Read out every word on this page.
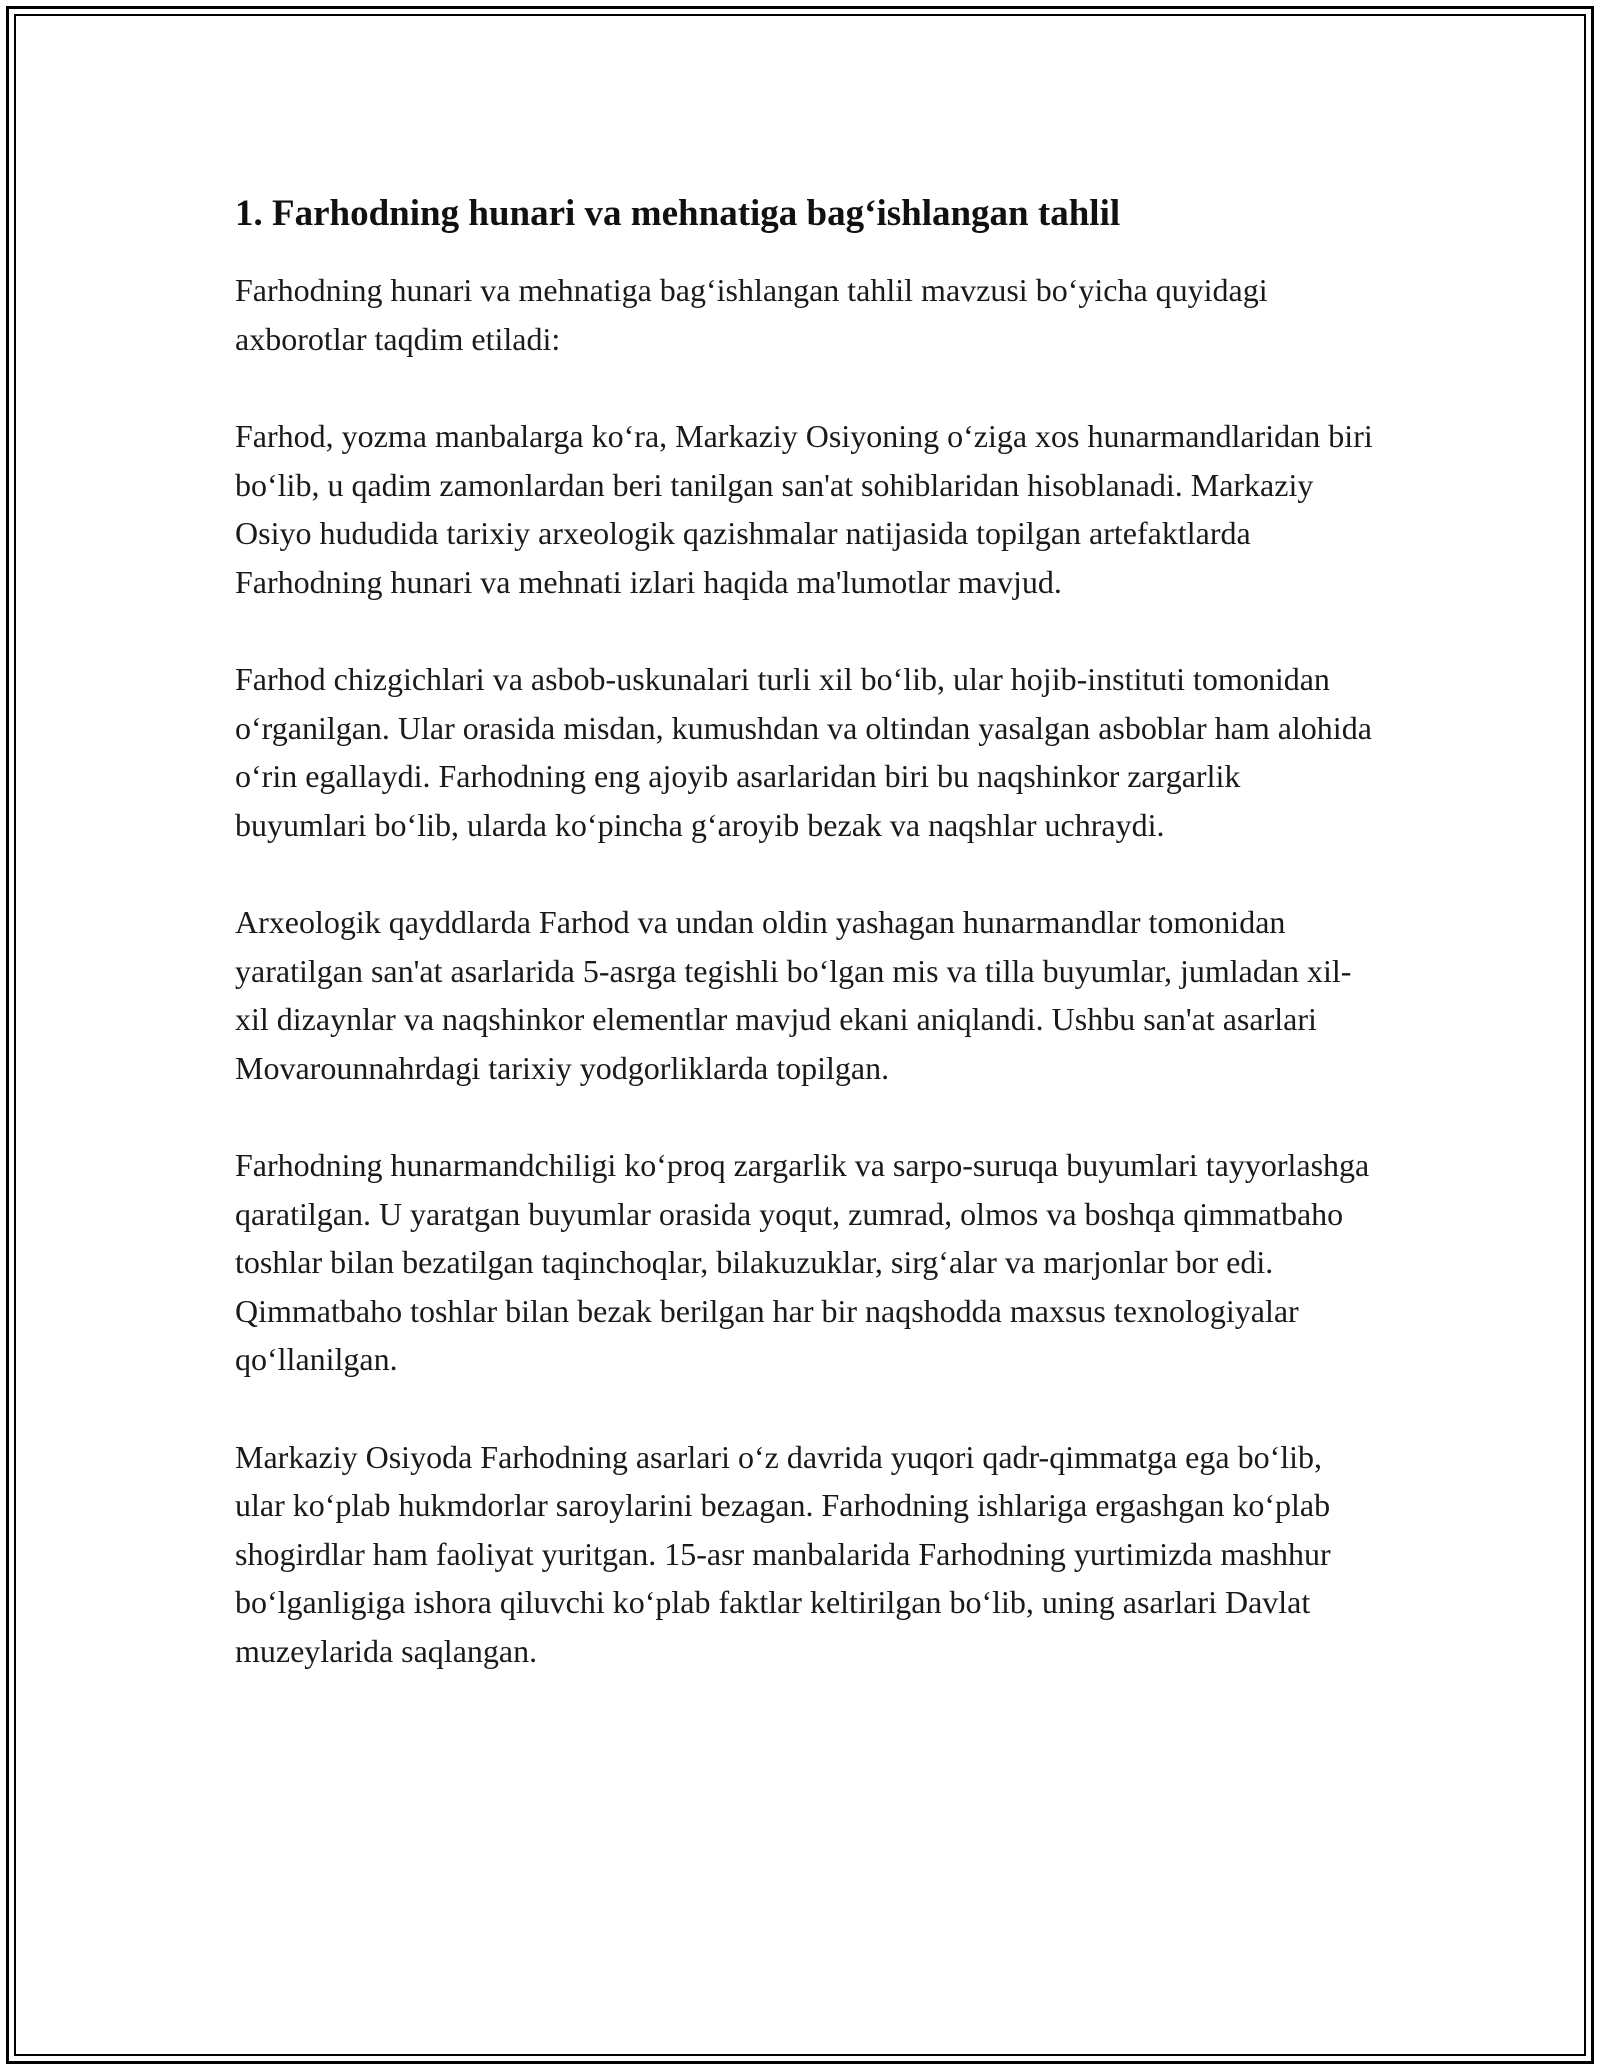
1. Farhodning hunari va mehnatiga bag‘ishlangan tahlil

Farhodning hunari va mehnatiga bag‘ishlangan tahlil mavzusi bo‘yicha quyidagi axborotlar taqdim etiladi:

Farhod, yozma manbalarga ko‘ra, Markaziy Osiyoning o‘ziga xos hunarmandlaridan biri bo‘lib, u qadim zamonlardan beri tanilgan san'at sohiblaridan hisoblanadi. Markaziy Osiyo hududida tarixiy arxeologik qazishmalar natijasida topilgan artefaktlarda Farhodning hunari va mehnati izlari haqida ma'lumotlar mavjud.

Farhod chizgichlari va asbob-uskunalari turli xil bo‘lib, ular hojib-instituti tomonidan o‘rganilgan. Ular orasida misdan, kumushdan va oltindan yasalgan asboblar ham alohida o‘rin egallaydi. Farhodning eng ajoyib asarlaridan biri bu naqshinkor zargarlik buyumlari bo‘lib, ularda ko‘pincha g‘aroyib bezak va naqshlar uchraydi.

Arxeologik qayddlarda Farhod va undan oldin yashagan hunarmandlar tomonidan yaratilgan san'at asarlarida 5-asrga tegishli bo‘lgan mis va tilla buyumlar, jumladan xil-xil dizaynlar va naqshinkor elementlar mavjud ekani aniqlandi. Ushbu san'at asarlari Movarounnahrdagi tarixiy yodgorliklarda topilgan.

Farhodning hunarmandchiligi ko‘proq zargarlik va sarpo-suruqa buyumlari tayyorlashga qaratilgan. U yaratgan buyumlar orasida yoqut, zumrad, olmos va boshqa qimmatbaho toshlar bilan bezatilgan taqinchoqlar, bilakuzuklar, sirg‘alar va marjonlar bor edi. Qimmatbaho toshlar bilan bezak berilgan har bir naqshodda maxsus texnologiyalar qo‘llanilgan.

Markaziy Osiyoda Farhodning asarlari o‘z davrida yuqori qadr-qimmatga ega bo‘lib, ular ko‘plab hukmdorlar saroylarini bezagan. Farhodning ishlariga ergashgan ko‘plab shogirdlar ham faoliyat yuritgan. 15-asr manbalarida Farhodning yurtimizda mashhur bo‘lganligiga ishora qiluvchi ko‘plab faktlar keltirilgan bo‘lib, uning asarlari Davlat muzeylarida saqlangan.
